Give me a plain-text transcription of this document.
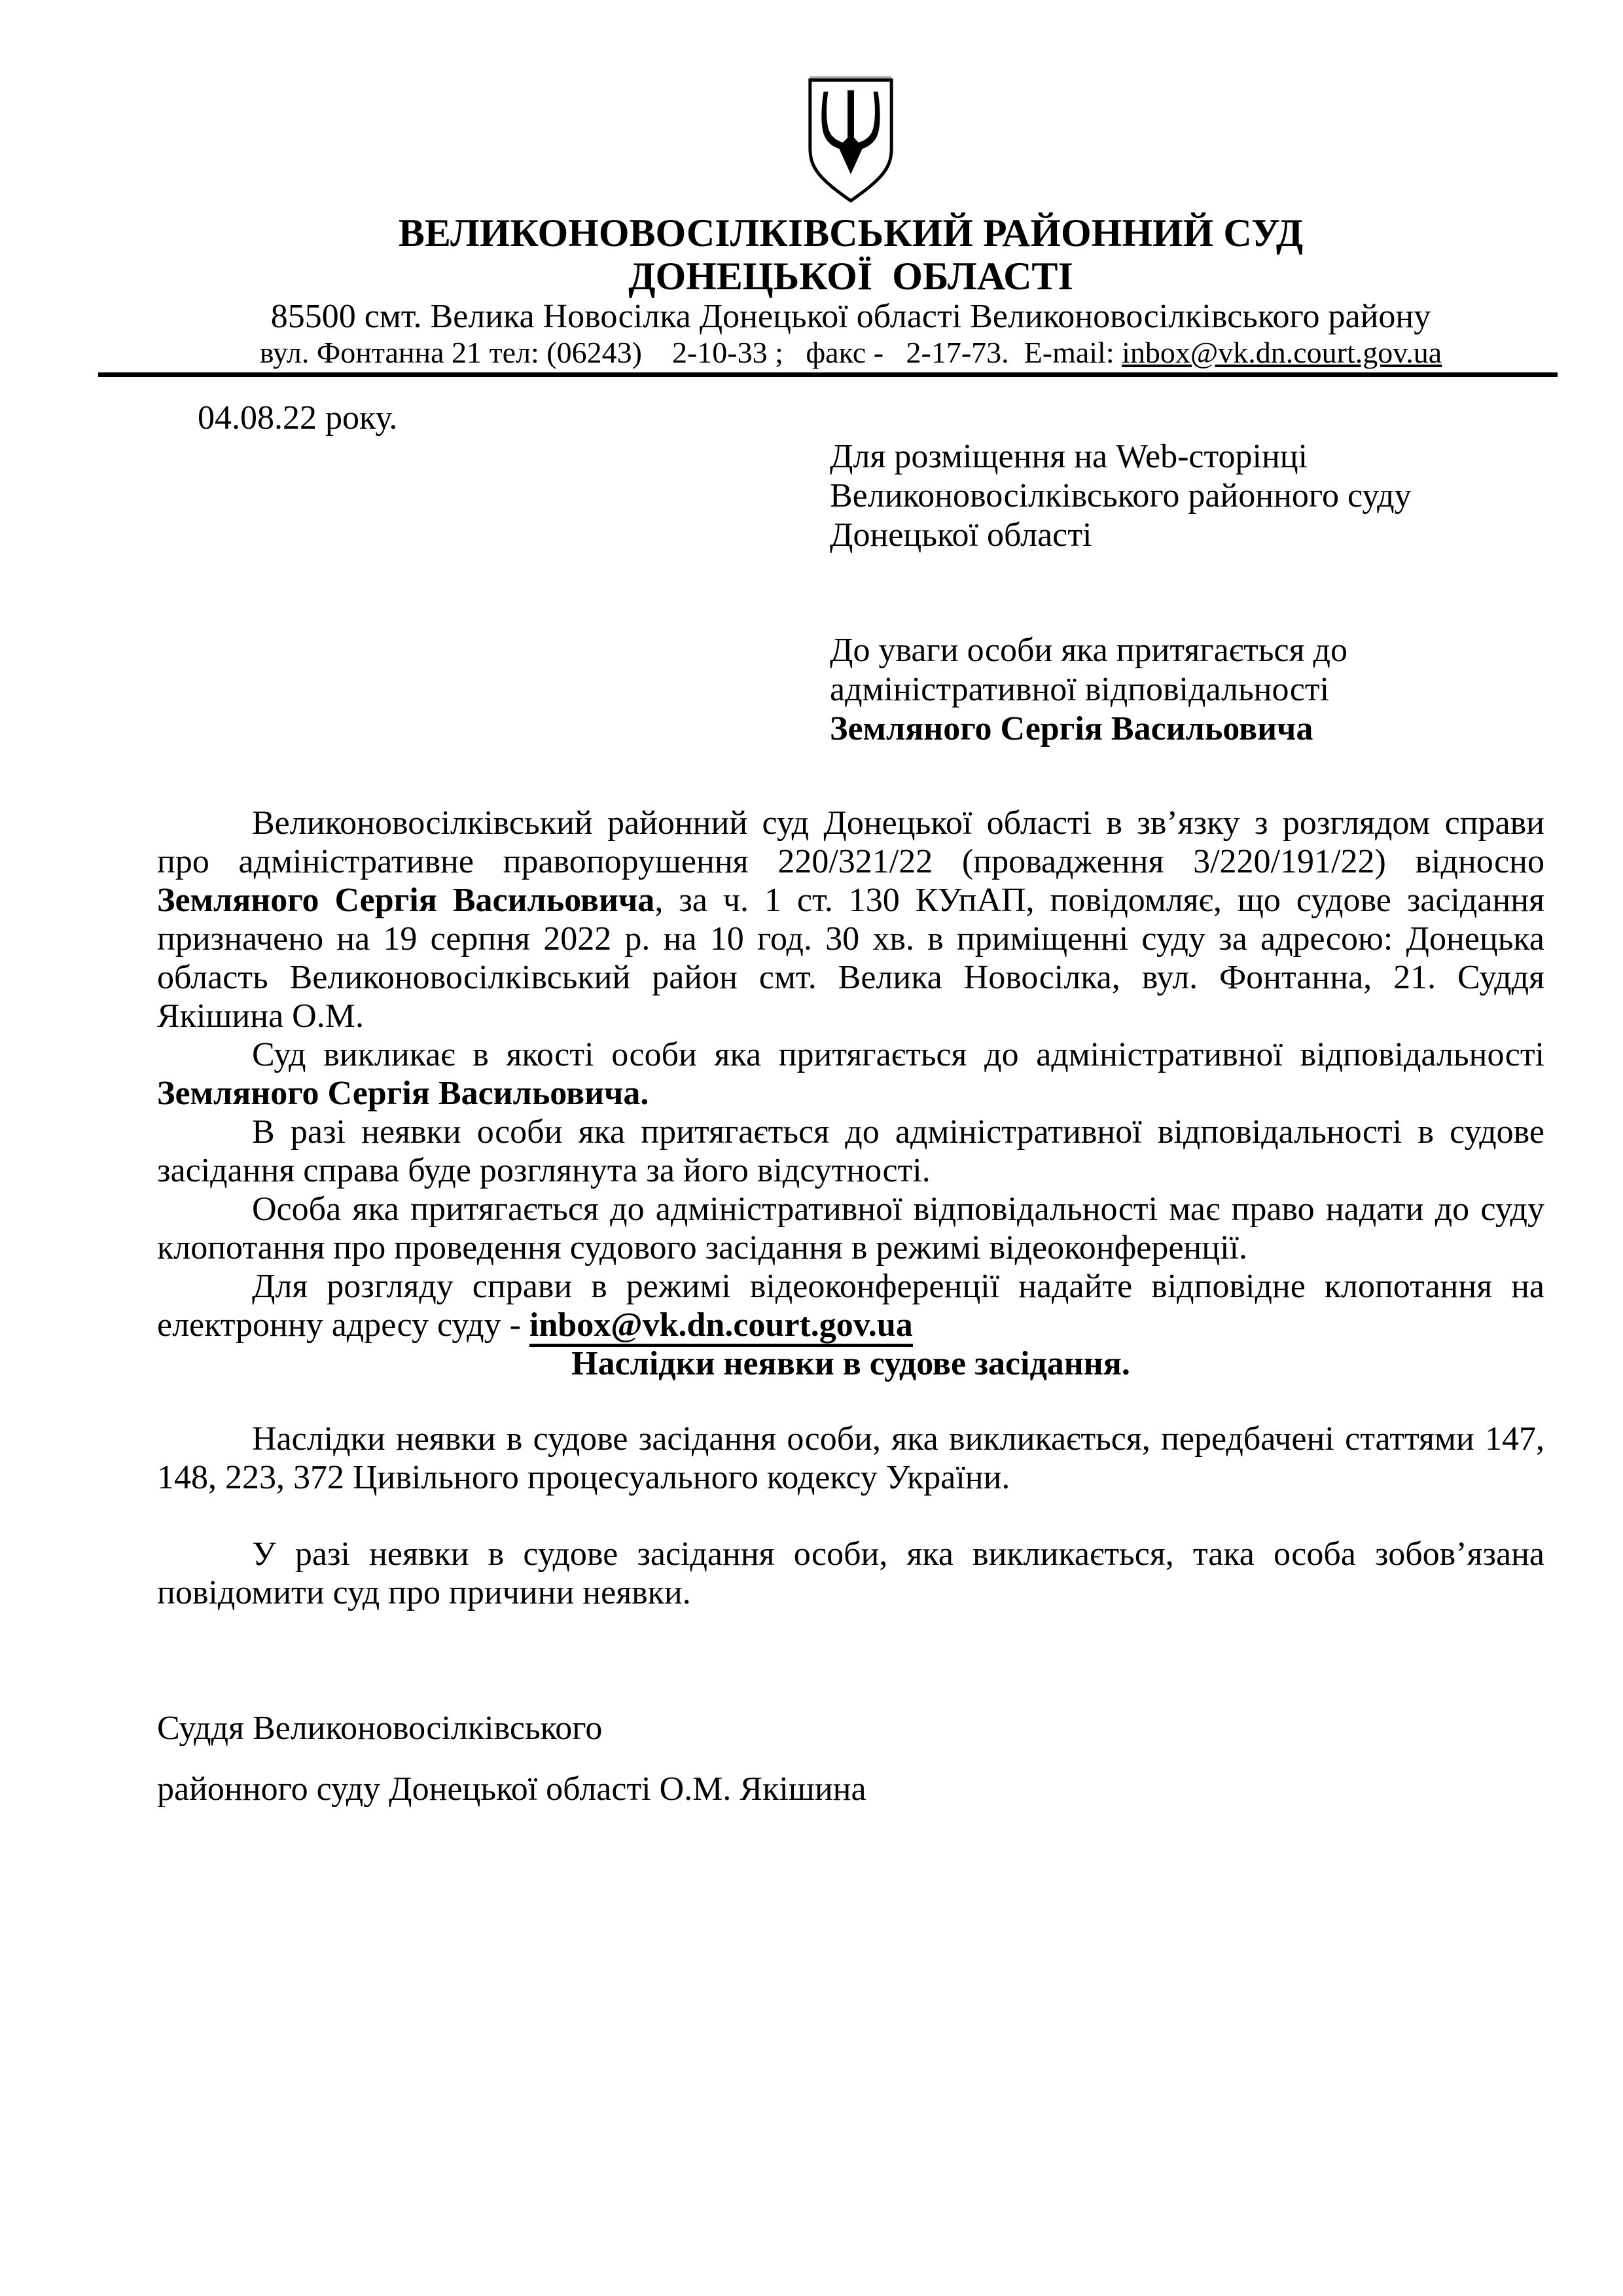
ВЕЛИКОНОВОСІЛКІВСЬКИЙ РАЙОННИЙ СУД
ДОНЕЦЬКОЇ  ОБЛАСТІ
85500 смт. Велика Новосілка Донецької області Великоновосілківського району
вул. Фонтанна 21 тел: (06243)    2-10-33 ;   факс -   2-17-73.  E-mail: inbox@vk.dn.court.gov.ua
04.08.22 року.
Для розміщення на Web-сторінці
Великоновосілківського районного суду
Донецької області
До уваги особи яка притягається до
адміністративної відповідальності
Земляного Сергія Васильовича

Великоновосілківський районний суд Донецької області в зв’язку з розглядом справи про адміністративне правопорушення 220/321/22 (провадження 3/220/191/22) відносно Земляного Сергія Васильовича, за ч. 1 ст. 130 КУпАП, повідомляє, що судове засідання призначено на 19 серпня 2022 р. на 10 год. 30 хв. в приміщенні суду за адресою: Донецька область Великоновосілківський район смт. Велика Новосілка, вул. Фонтанна, 21. Суддя Якішина О.М.

Суд викликає в якості особи яка притягається до адміністративної відповідальності Земляного Сергія Васильовича.

В разі неявки особи яка притягається до адміністративної відповідальності в судове засідання справа буде розглянута за його відсутності.

Особа яка притягається до адміністративної відповідальності має право надати до суду клопотання про проведення судового засідання в режимі відеоконференції.

Для розгляду справи в режимі відеоконференції надайте відповідне клопотання на електронну адресу суду - inbox@vk.dn.court.gov.ua

Наслідки неявки в судове засідання.

Наслідки неявки в судове засідання особи, яка викликається, передбачені статтями 147, 148, 223, 372 Цивільного процесуального кодексу України.

У разі неявки в судове засідання особи, яка викликається, така особа зобов’язана повідомити суд про причини неявки.

Суддя Великоновосілківського
районного суду Донецької області О.М. Якішина
